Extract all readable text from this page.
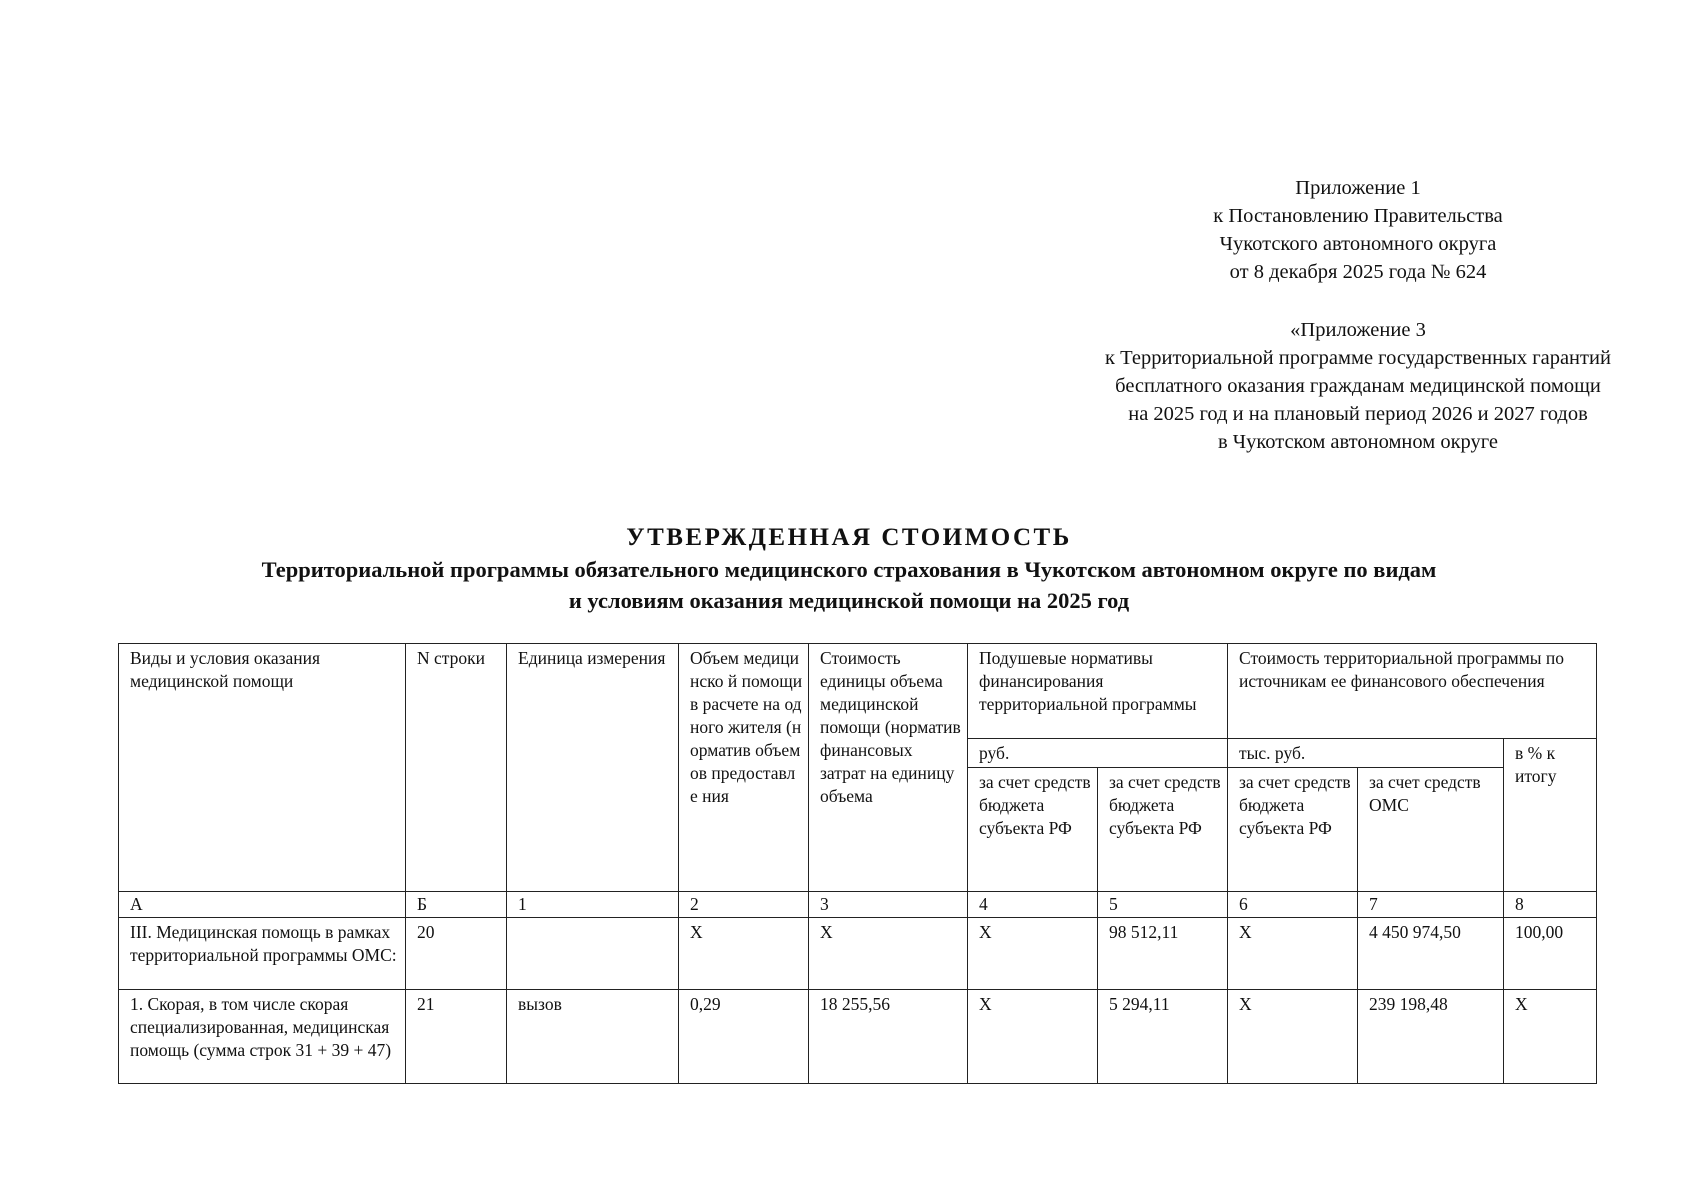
Приложение 1
к Постановлению Правительства
Чукотского автономного округа
от 8 декабря 2025 года № 624
«Приложение 3
к Территориальной программе государственных гарантий
бесплатного оказания гражданам медицинской помощи
на 2025 год и на плановый период 2026 и 2027 годов
в Чукотском автономном округе
УТВЕРЖДЕННАЯ СТОИМОСТЬ
Территориальной программы обязательного медицинского страхования в Чукотском автономном округе по видам
и условиям оказания медицинской помощи на 2025 год
Виды и условия оказания медицинской помощи	N строки	Единица измерения	Объем медицинско й помощи в расчете на одного жителя (норматив объемов предоставле ния	Стоимость единицы объема медицинской помощи (норматив финансовых затрат на единицу объема	Подушевые нормативы финансирования территориальной программы		Стоимость территориальной программы по источникам ее финансового обеспечения		
					руб.		тыс. руб.		в % к итогу
					за счет средств бюджета субъекта РФ	за счет средств бюджета субъекта РФ	за счет средств бюджета субъекта РФ	за счет средств ОМС	
А	Б	1	2	3	4	5	6	7	8
III. Медицинская помощь в рамках территориальной программы ОМС:	20		X	X	X	98 512,11	X	4 450 974,50	100,00
1. Скорая, в том числе скорая специализированная, медицинская помощь (сумма строк 31 + 39 + 47)	21	вызов	0,29	18 255,56	X	5 294,11	X	239 198,48	X
